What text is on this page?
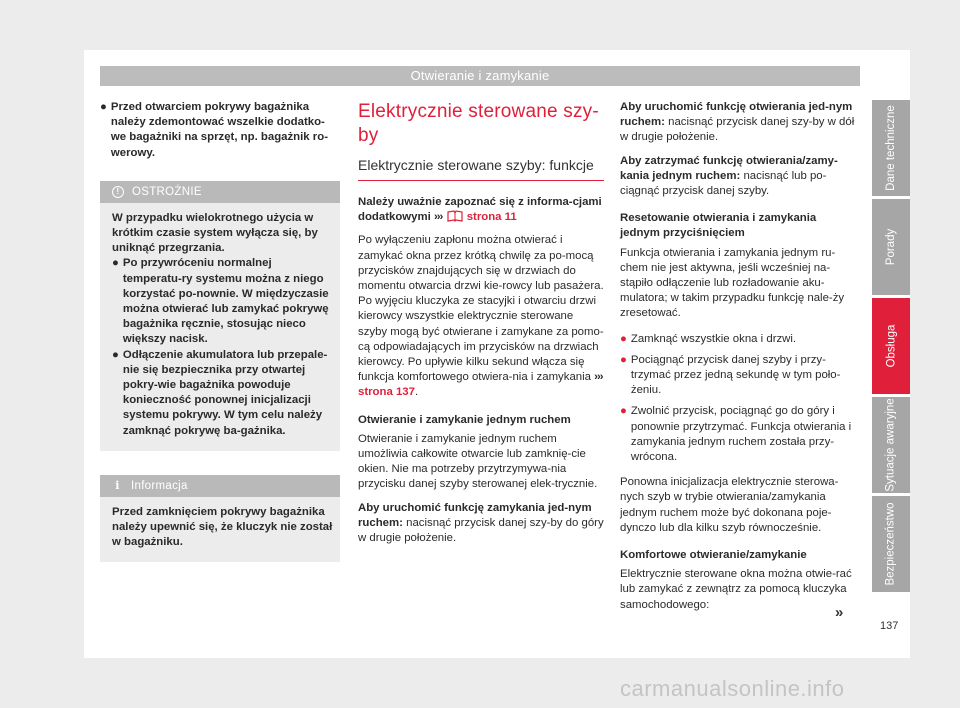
Otwieranie i zamykanie
● Przed otwarciem pokrywy bagażnika należy zdemontować wszelkie dodatko-we bagażniki na sprzęt, np. bagażnik ro-werowy.
!	OSTROŻNIE

W przypadku wielokrotnego użycia w krótkim czasie system wyłącza się, by uniknąć przegrzania.

● Po przywróceniu normalnej temperatu-ry systemu można z niego korzystać po-nownie. W międzyczasie można otwierać lub zamykać pokrywę bagażnika ręcznie, stosując nieco większy nacisk.
● Odłączenie akumulatora lub przepale-nie się bezpiecznika przy otwartej pokry-wie bagażnika powoduje konieczność ponownej inicjalizacji systemu pokrywy. W tym celu należy zamknąć pokrywę ba-gażnika.
i Informacja

Przed zamknięciem pokrywy bagażnika należy upewnić się, że kluczyk nie został w bagażniku.

Elektrycznie sterowane szy-by
Elektrycznie sterowane szyby: funkcje
Należy uważnie zapoznać się z informa-cjami dodatkowymi ››› strona 11
Po wyłączeniu zapłonu można otwierać i zamykać okna przez krótką chwilę za po-mocą przycisków znajdujących się w drzwiach do momentu otwarcia drzwi kie-rowcy lub pasażera. Po wyjęciu kluczyka ze stacyjki i otwarciu drzwi kierowcy wszystkie elektrycznie sterowane szyby mogą być otwierane i zamykane za pomo-cą odpowiadających im przycisków na drzwiach kierowcy. Po upływie kilku sekund włącza się funkcja komfortowego otwiera-nia i zamykania ››› strona 137.
Otwieranie i zamykanie jednym ruchem
Otwieranie i zamykanie jednym ruchem umożliwia całkowite otwarcie lub zamknię-cie okien. Nie ma potrzeby przytrzymywa-nia przycisku danej szyby sterowanej elek-trycznie.
Aby uruchomić funkcję zamykania jed-nym ruchem: nacisnąć przycisk danej szy-by do góry w drugie położenie.
Aby uruchomić funkcję otwierania jed-nym ruchem: nacisnąć przycisk danej szy-by w dół w drugie położenie.
Aby zatrzymać funkcję otwierania/zamy-kania jednym ruchem: nacisnąć lub po-ciągnąć przycisk danej szyby.
Resetowanie otwierania i zamykania jednym przyciśnięciem
Funkcja otwierania i zamykania jednym ru-chem nie jest aktywna, jeśli wcześniej na-stąpiło odłączenie lub rozładowanie aku-mulatora; w takim przypadku funkcję nale-ży zresetować.
● Zamknąć wszystkie okna i drzwi.
● Pociągnąć przycisk danej szyby i przy-trzymać przez jedną sekundę w tym poło-żeniu.
● Zwolnić przycisk, pociągnąć go do góry i ponownie przytrzymać. Funkcja otwierania i zamykania jednym ruchem została przy-wrócona.
Ponowna inicjalizacja elektrycznie sterowa-nych szyb w trybie otwierania/zamykania jednym ruchem może być dokonana poje-dynczo lub dla kilku szyb równocześnie.
Komfortowe otwieranie/zamykanie
Elektrycznie sterowane okna można otwie-rać lub zamykać z zewnątrz za pomocą kluczyka samochodowego:	»
137
Dane techniczne
Porady
Obsługa
Sytuacje awaryjne
Bezpieczeństwo
carmanualsonline.info
